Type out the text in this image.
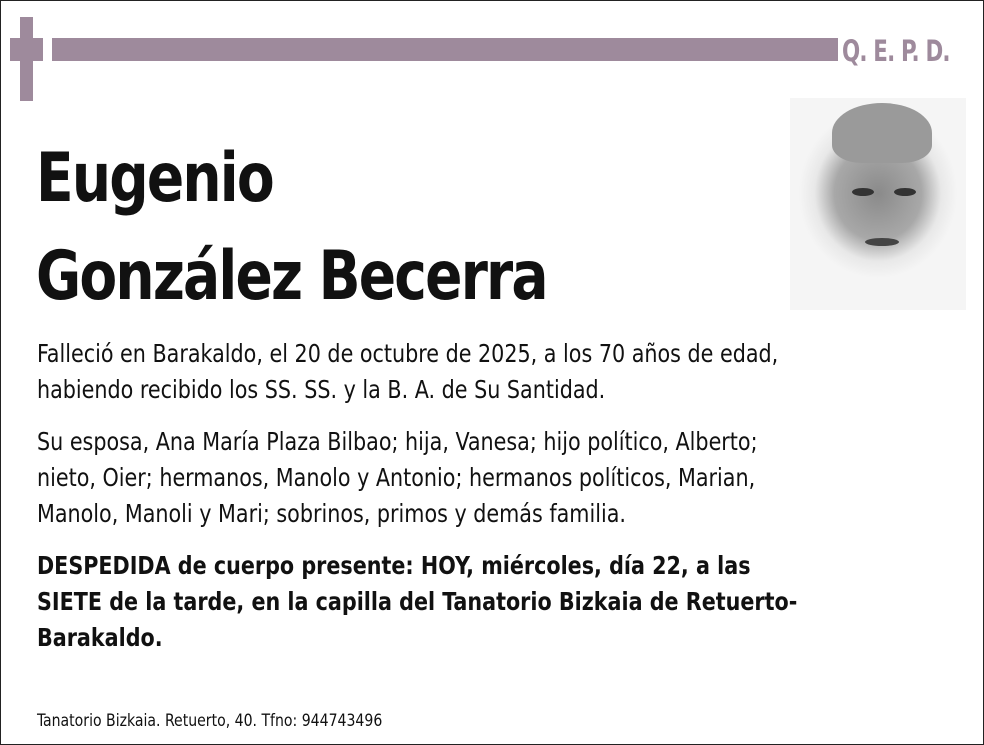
Q. E. P. D.
Eugenio
González Becerra
Falleció en Barakaldo, el 20 de octubre de 2025, a los 70 años de edad,
habiendo recibido los SS. SS. y la B. A. de Su Santidad.
Su esposa, Ana María Plaza Bilbao; hija, Vanesa; hijo político, Alberto;
nieto, Oier; hermanos, Manolo y Antonio; hermanos políticos, Marian,
Manolo, Manoli y Mari; sobrinos, primos y demás familia.
DESPEDIDA de cuerpo presente: HOY, miércoles, día 22, a las
SIETE de la tarde, en la capilla del Tanatorio Bizkaia de Retuerto-
Barakaldo.
Tanatorio Bizkaia. Retuerto, 40. Tfno: 944743496
